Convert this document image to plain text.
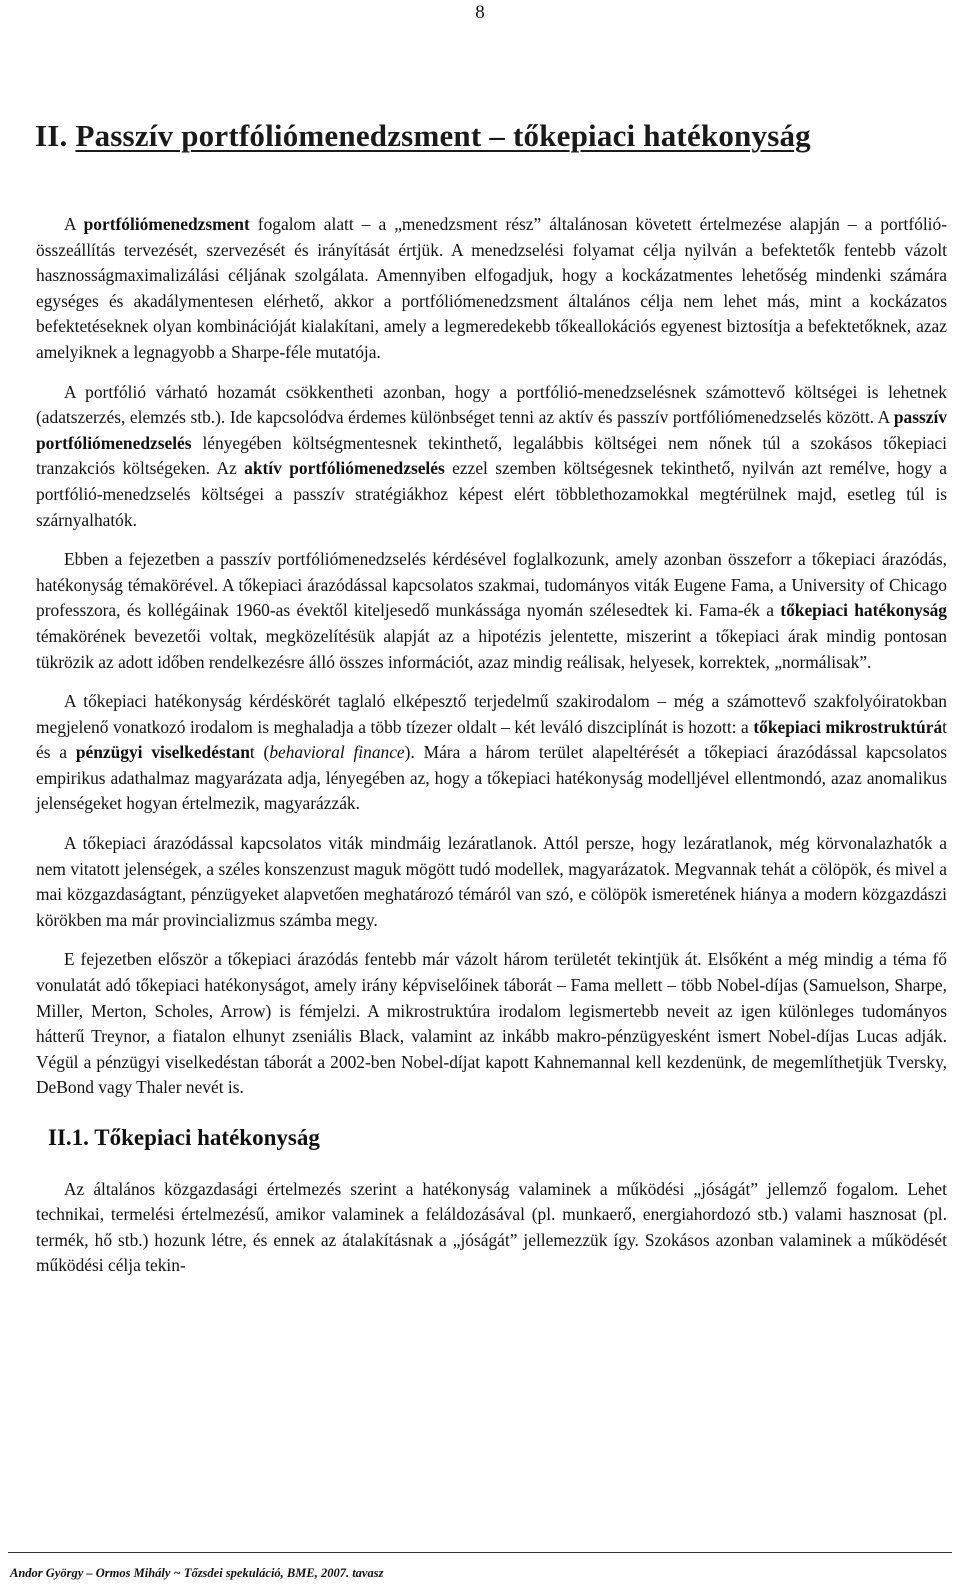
8
II. Passzív portfóliómenedzsment – tőkepiaci hatékonyság

A portfóliómenedzsment fogalom alatt – a „menedzsment rész” általánosan követett értelmezése alapján – a portfólió-összeállítás tervezését, szervezését és irányítását értjük. A menedzselési folyamat célja nyilván a befektetők fentebb vázolt hasznosságmaximalizálási céljának szolgálata. Amennyiben elfogadjuk, hogy a kockázatmentes lehetőség mindenki számára egységes és akadálymentesen elérhető, akkor a portfóliómenedzsment általános célja nem lehet más, mint a kockázatos befektetéseknek olyan kombinációját kialakítani, amely a legmeredekebb tőkeallokációs egyenest biztosítja a befektetőknek, azaz amelyiknek a legnagyobb a Sharpe-féle mutatója.

A portfólió várható hozamát csökkentheti azonban, hogy a portfólió-menedzselésnek számottevő költségei is lehetnek (adatszerzés, elemzés stb.). Ide kapcsolódva érdemes különbséget tenni az aktív és passzív portfóliómenedzselés között. A passzív portfóliómenedzselés lényegében költségmentesnek tekinthető, legalábbis költségei nem nőnek túl a szokásos tőkepiaci tranzakciós költségeken. Az aktív portfóliómenedzselés ezzel szemben költségesnek tekinthető, nyilván azt remélve, hogy a portfólió-menedzselés költségei a passzív stratégiákhoz képest elért többlethozamokkal megtérülnek majd, esetleg túl is szárnyalhatók.

Ebben a fejezetben a passzív portfóliómenedzselés kérdésével foglalkozunk, amely azonban összeforr a tőkepiaci árazódás, hatékonyság témakörével. A tőkepiaci árazódással kapcsolatos szakmai, tudományos viták Eugene Fama, a University of Chicago professzora, és kollégáinak 1960-as évektől kiteljesedő munkássága nyomán szélesedtek ki. Fama-ék a tőkepiaci hatékonyság témakörének bevezetői voltak, megközelítésük alapját az a hipotézis jelentette, miszerint a tőkepiaci árak mindig pontosan tükrözik az adott időben rendelkezésre álló összes információt, azaz mindig reálisak, helyesek, korrektek, „normálisak”.

A tőkepiaci hatékonyság kérdéskörét taglaló elképesztő terjedelmű szakirodalom – még a számottevő szakfolyóiratokban megjelenő vonatkozó irodalom is meghaladja a több tízezer oldalt – két leváló diszciplínát is hozott: a tőkepiaci mikrostruktúrát és a pénzügyi viselkedéstant (behavioral finance). Mára a három terület alapeltérését a tőkepiaci árazódással kapcsolatos empirikus adathalmaz magyarázata adja, lényegében az, hogy a tőkepiaci hatékonyság modelljével ellentmondó, azaz anomalikus jelenségeket hogyan értelmezik, magyarázzák.

A tőkepiaci árazódással kapcsolatos viták mindmáig lezáratlanok. Attól persze, hogy lezáratlanok, még körvonalazhatók a nem vitatott jelenségek, a széles konszenzust maguk mögött tudó modellek, magyarázatok. Megvannak tehát a cölöpök, és mivel a mai közgazdaságtant, pénzügyeket alapvetően meghatározó témáról van szó, e cölöpök ismeretének hiánya a modern közgazdászi körökben ma már provincializmus számba megy.

E fejezetben először a tőkepiaci árazódás fentebb már vázolt három területét tekintjük át. Elsőként a még mindig a téma fő vonulatát adó tőkepiaci hatékonyságot, amely irány képviselőinek táborát – Fama mellett – több Nobel-díjas (Samuelson, Sharpe, Miller, Merton, Scholes, Arrow) is fémjelzi. A mikrostruktúra irodalom legismertebb neveit az igen különleges tudományos hátterű Treynor, a fiatalon elhunyt zseniális Black, valamint az inkább makro-pénzügyesként ismert Nobel-díjas Lucas adják. Végül a pénzügyi viselkedéstan táborát a 2002-ben Nobel-díjat kapott Kahnemannal kell kezdenünk, de megemlíthetjük Tversky, DeBond vagy Thaler nevét is.

II.1. Tőkepiaci hatékonyság

Az általános közgazdasági értelmezés szerint a hatékonyság valaminek a működési „jóságát” jellemző fogalom. Lehet technikai, termelési értelmezésű, amikor valaminek a feláldozásával (pl. munkaerő, energiahordozó stb.) valami hasznosat (pl. termék, hő stb.) hozunk létre, és ennek az átalakításnak a „jóságát” jellemezzük így. Szokásos azonban valaminek a működését működési célja tekin-

Andor György – Ormos Mihály ~ Tőzsdei spekuláció, BME, 2007. tavasz
